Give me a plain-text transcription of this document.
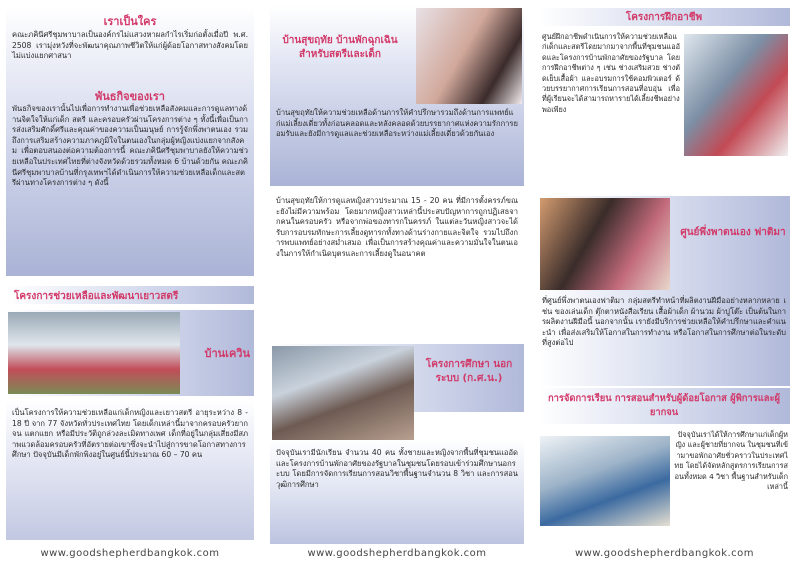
เราเป็นใคร
คณะภคินีศรีชุมพาบาลเป็นองค์กรไม่แสวงหาผลกำไรเริ่มก่อตั้งเมื่อปี พ.ศ. 2508 เรามุ่งหวังที่จะพัฒนาคุณภาพชีวิตให้แก่ผู้ด้อยโอกาสทางสังคมโดยไม่แบ่งแยกศาสนา
พันธกิจของเรา
พันธกิจของเรานั้นไปเพื่อการทำงานเพื่อช่วยเหลือสังคมและการดูแลทางด้านจิตใจให้แก่เด็ก สตรี และครอบครัวผ่านโครงการต่าง ๆ ทั้งนี้เพื่อเป็นการส่งเสริมศักดิ์ศรีและคุณค่าของความเป็นมนุษย์ การรู้จักพึ่งพาตนเอง รวมถึงการเสริมสร้างความภาคภูมิใจในตนเองในกลุ่มผู้หญิงแบ่งแยกจากสังคม เพื่อตอบสนองต่อความต้องการนี้ คณะภคินีศรีชุมพาบาลยังให้ความช่วยเหลือในประเทศไทยที่ต่างจังหวัดด้วยรวมทั้งหมด 6 บ้านด้วยกัน คณะภคินีศรีชุมพาบาลบ้านที่กรุงเทพฯได้ดำเนินการให้ความช่วยเหลือเด็กและสตรีผ่านทางโครงการต่าง ๆ ดังนี้
โครงการช่วยเหลือและพัฒนาเยาวสตรี
บ้านเควิน
เป็นโครงการให้ความช่วยเหลือแก่เด็กหญิงและเยาวสตรี อายุระหว่าง 8 - 18 ปี จาก 77 จังหวัดทั่วประเทศไทย โดยเด็กเหล่านี้มาจากครอบครัวยากจน แตกแยก หรือมีประวัติถูกล่วงละเมิดทางเพศ เด็กที่อยู่ในกลุ่มเสี่ยงมีสภาพแวดล้อมครอบครัวที่อัตรายต่อเขาซึ่งจะนำไปสู่การขาดโอกาสทางการศึกษา ปัจจุบันมีเด็กพักพิงอยู่ในศูนย์นี้ประมาณ 60 – 70 คน
www.goodshepherdbangkok.com
บ้านสุขฤทัย บ้านพักฉุกเฉินสำหรับสตรีและเด็ก
บ้านสุขฤทัยให้ความช่วยเหลือด้านการให้คำปรึกษารวมถึงด้านการแพทย์แก่แม่เลี้ยงเดี่ยวทั้งก่อนคลอดและหลังคลอดด้วยบรรยากาศแห่งความรักการยอมรับและยังมีการดูแลและช่วยเหลือระหว่างแม่เลี้ยงเดี่ยวด้วยกันเอง
บ้านสุขฤทัยให้การดูแลหญิงสาวประมาณ 15 - 20 คน ที่มีการตั้งครรภ์ขณะยังไม่มีความพร้อม โดยมากหญิงสาวเหล่านี้ประสบปัญหาการถูกปฏิเสธจากคนในครอบครัว หรือจากพ่อของทารกในครรภ์ ในแต่ละวันหญิงสาวจะได้รับการอบรมทักษะการเลี้ยงดูทารกทั้งทางด้านร่างกายและจิตใจ รวมไปถึงการพบแพทย์อย่างสม่ำเสมอ เพื่อเป็นการสร้างคุณค่าและความมั่นใจในตนเองในการให้กำเนิดบุตรและการเลี้ยงดูในอนาคต
โครงการศึกษา นอกระบบ (ก.ศ.น.)
ปัจจุบันเรามีนักเรียน จำนวน 40 คน ทั้งชายและหญิงจากพื้นที่ชุมชนแออัดและโครงการบ้านพักอาศัยของรัฐบาลในชุมชนโดยรอบเข้าร่วมศึกษานอกระบบ โดยมีการจัดการเรียนการสอนวิชาพื้นฐานจำนวน 8 วิชา และการสอนวุฒิการศึกษา
www.goodshepherdbangkok.com
โครงการฝึกอาชีพ
ศูนย์ฝึกอาชีพดำเนินการให้ความช่วยเหลือแก่เด็กและสตรีโดยมากมาจากพื้นที่ชุมชนแออัดและโครงการบ้านพักอาศัยของรัฐบาล โดยการฝึกอาชีพต่าง ๆ เช่น ช่างเสริมสวย ช่างตัดเย็บเสื้อผ้า และอบรมการใช้คอมพิวเตอร์ ด้วยบรรยากาศการเรียนการสอนที่อบอุ่น เพื่อที่ผู้เรียนจะได้สามารถหารายได้เลี้ยงชีพอย่างพอเพียง
ศูนย์พึ่งพาตนเอง ฟาติมา
ที่ศูนย์พึ่งพาตนเองฟาติมา กลุ่มสตรีทำหน้าที่ผลิตงานฝีมืออย่างหลากหลาย เช่น ของเล่นเด็ก ตุ๊กตาหนังสือเรียน เสื้อผ้าเด็ก ผ้านวม ผ้าปูโต๊ะ เป็นต้นในการผลิตงานฝีมือนี้ นอกจากนั้น เรายังมีบริการช่วยเหลือให้คำปรึกษาและคำแนะนำ เพื่อส่งเสริมให้โอกาสในการทำงาน หรือโอกาสในการศึกษาต่อในระดับที่สูงต่อไป
การจัดการเรียน การสอนสำหรับผู้ด้อยโอกาส ผู้พิการและผู้ยากจน
ปัจจุบันเราได้ให้การศึกษาแก่เด็กผู้หญิง และผู้ชายที่ยากจน ในชุมชนที่เข้ามาขอพักอาศัยชั่วคราวในประเทศไทย โดยได้จัดหลักสูตรการเรียนการสอนทั้งหมด 4 วิชา พื้นฐานสำหรับเด็กเหล่านี้
www.goodshepherdbangkok.com
